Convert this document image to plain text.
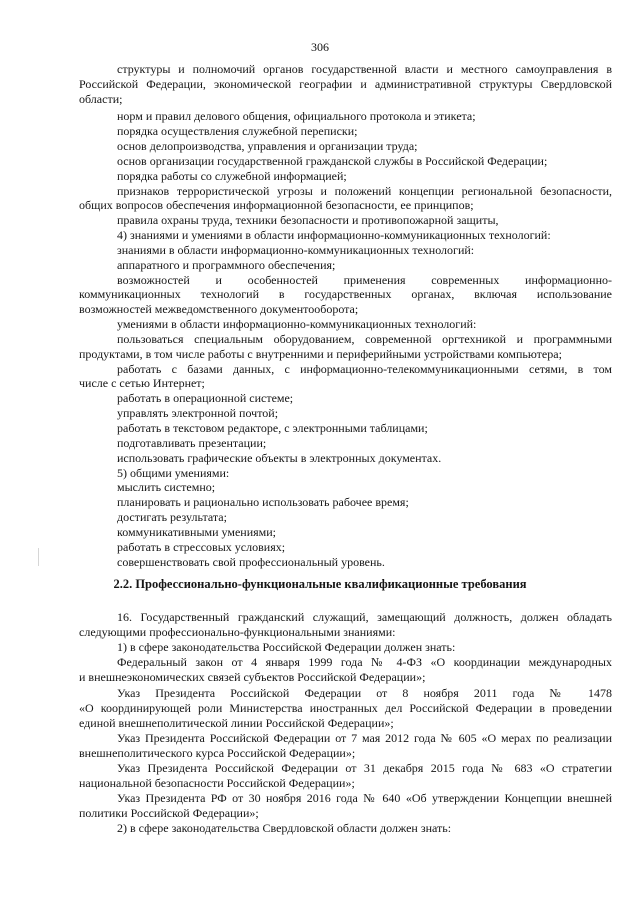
306
структуры и полномочий органов государственной власти и местного самоуправления в
Российской Федерации, экономической географии и административной структуры Свердловской
области;
норм и правил делового общения, официального протокола и этикета;
порядка осуществления служебной переписки;
основ делопроизводства, управления и организации труда;
основ организации государственной гражданской службы в Российской Федерации;
порядка работы со служебной информацией;
признаков террористической угрозы и положений концепции региональной безопасности,
общих вопросов обеспечения информационной безопасности, ее принципов;
правила охраны труда, техники безопасности и противопожарной защиты,
4) знаниями и умениями в области информационно-коммуникационных технологий:
знаниями в области информационно-коммуникационных технологий:
аппаратного и программного обеспечения;
возможностей и особенностей применения современных информационно-
коммуникационных технологий в государственных органах, включая использование
возможностей межведомственного документооборота;
умениями в области информационно-коммуникационных технологий:
пользоваться специальным оборудованием, современной оргтехникой и программными
продуктами, в том числе работы с внутренними и периферийными устройствами компьютера;
работать с базами данных, с информационно-телекоммуникационными сетями, в том
числе с сетью Интернет;
работать в операционной системе;
управлять электронной почтой;
работать в текстовом редакторе, с электронными таблицами;
подготавливать презентации;
использовать графические объекты в электронных документах.
5) общими умениями:
мыслить системно;
планировать и рационально использовать рабочее время;
достигать результата;
коммуникативными умениями;
работать в стрессовых условиях;
совершенствовать свой профессиональный уровень.
16. Государственный гражданский служащий, замещающий должность, должен обладать
следующими профессионально-функциональными знаниями:
1) в сфере законодательства Российской Федерации должен знать:
Федеральный закон от 4 января 1999 года № 4-ФЗ «О координации международных
и внешнеэкономических связей субъектов Российской Федерации»;
Указ Президента Российской Федерации от 8 ноября 2011 года № 1478
«О координирующей роли Министерства иностранных дел Российской Федерации в проведении
единой внешнеполитической линии Российской Федерации»;
Указ Президента Российской Федерации от 7 мая 2012 года № 605 «О мерах по реализации
внешнеполитического курса Российской Федерации»;
Указ Президента Российской Федерации от 31 декабря 2015 года № 683 «О стратегии
национальной безопасности Российской Федерации»;
Указ Президента РФ от 30 ноября 2016 года № 640 «Об утверждении Концепции внешней
политики Российской Федерации»;
2) в сфере законодательства Свердловской области должен знать:
2.2. Профессионально-функциональные квалификационные требования
